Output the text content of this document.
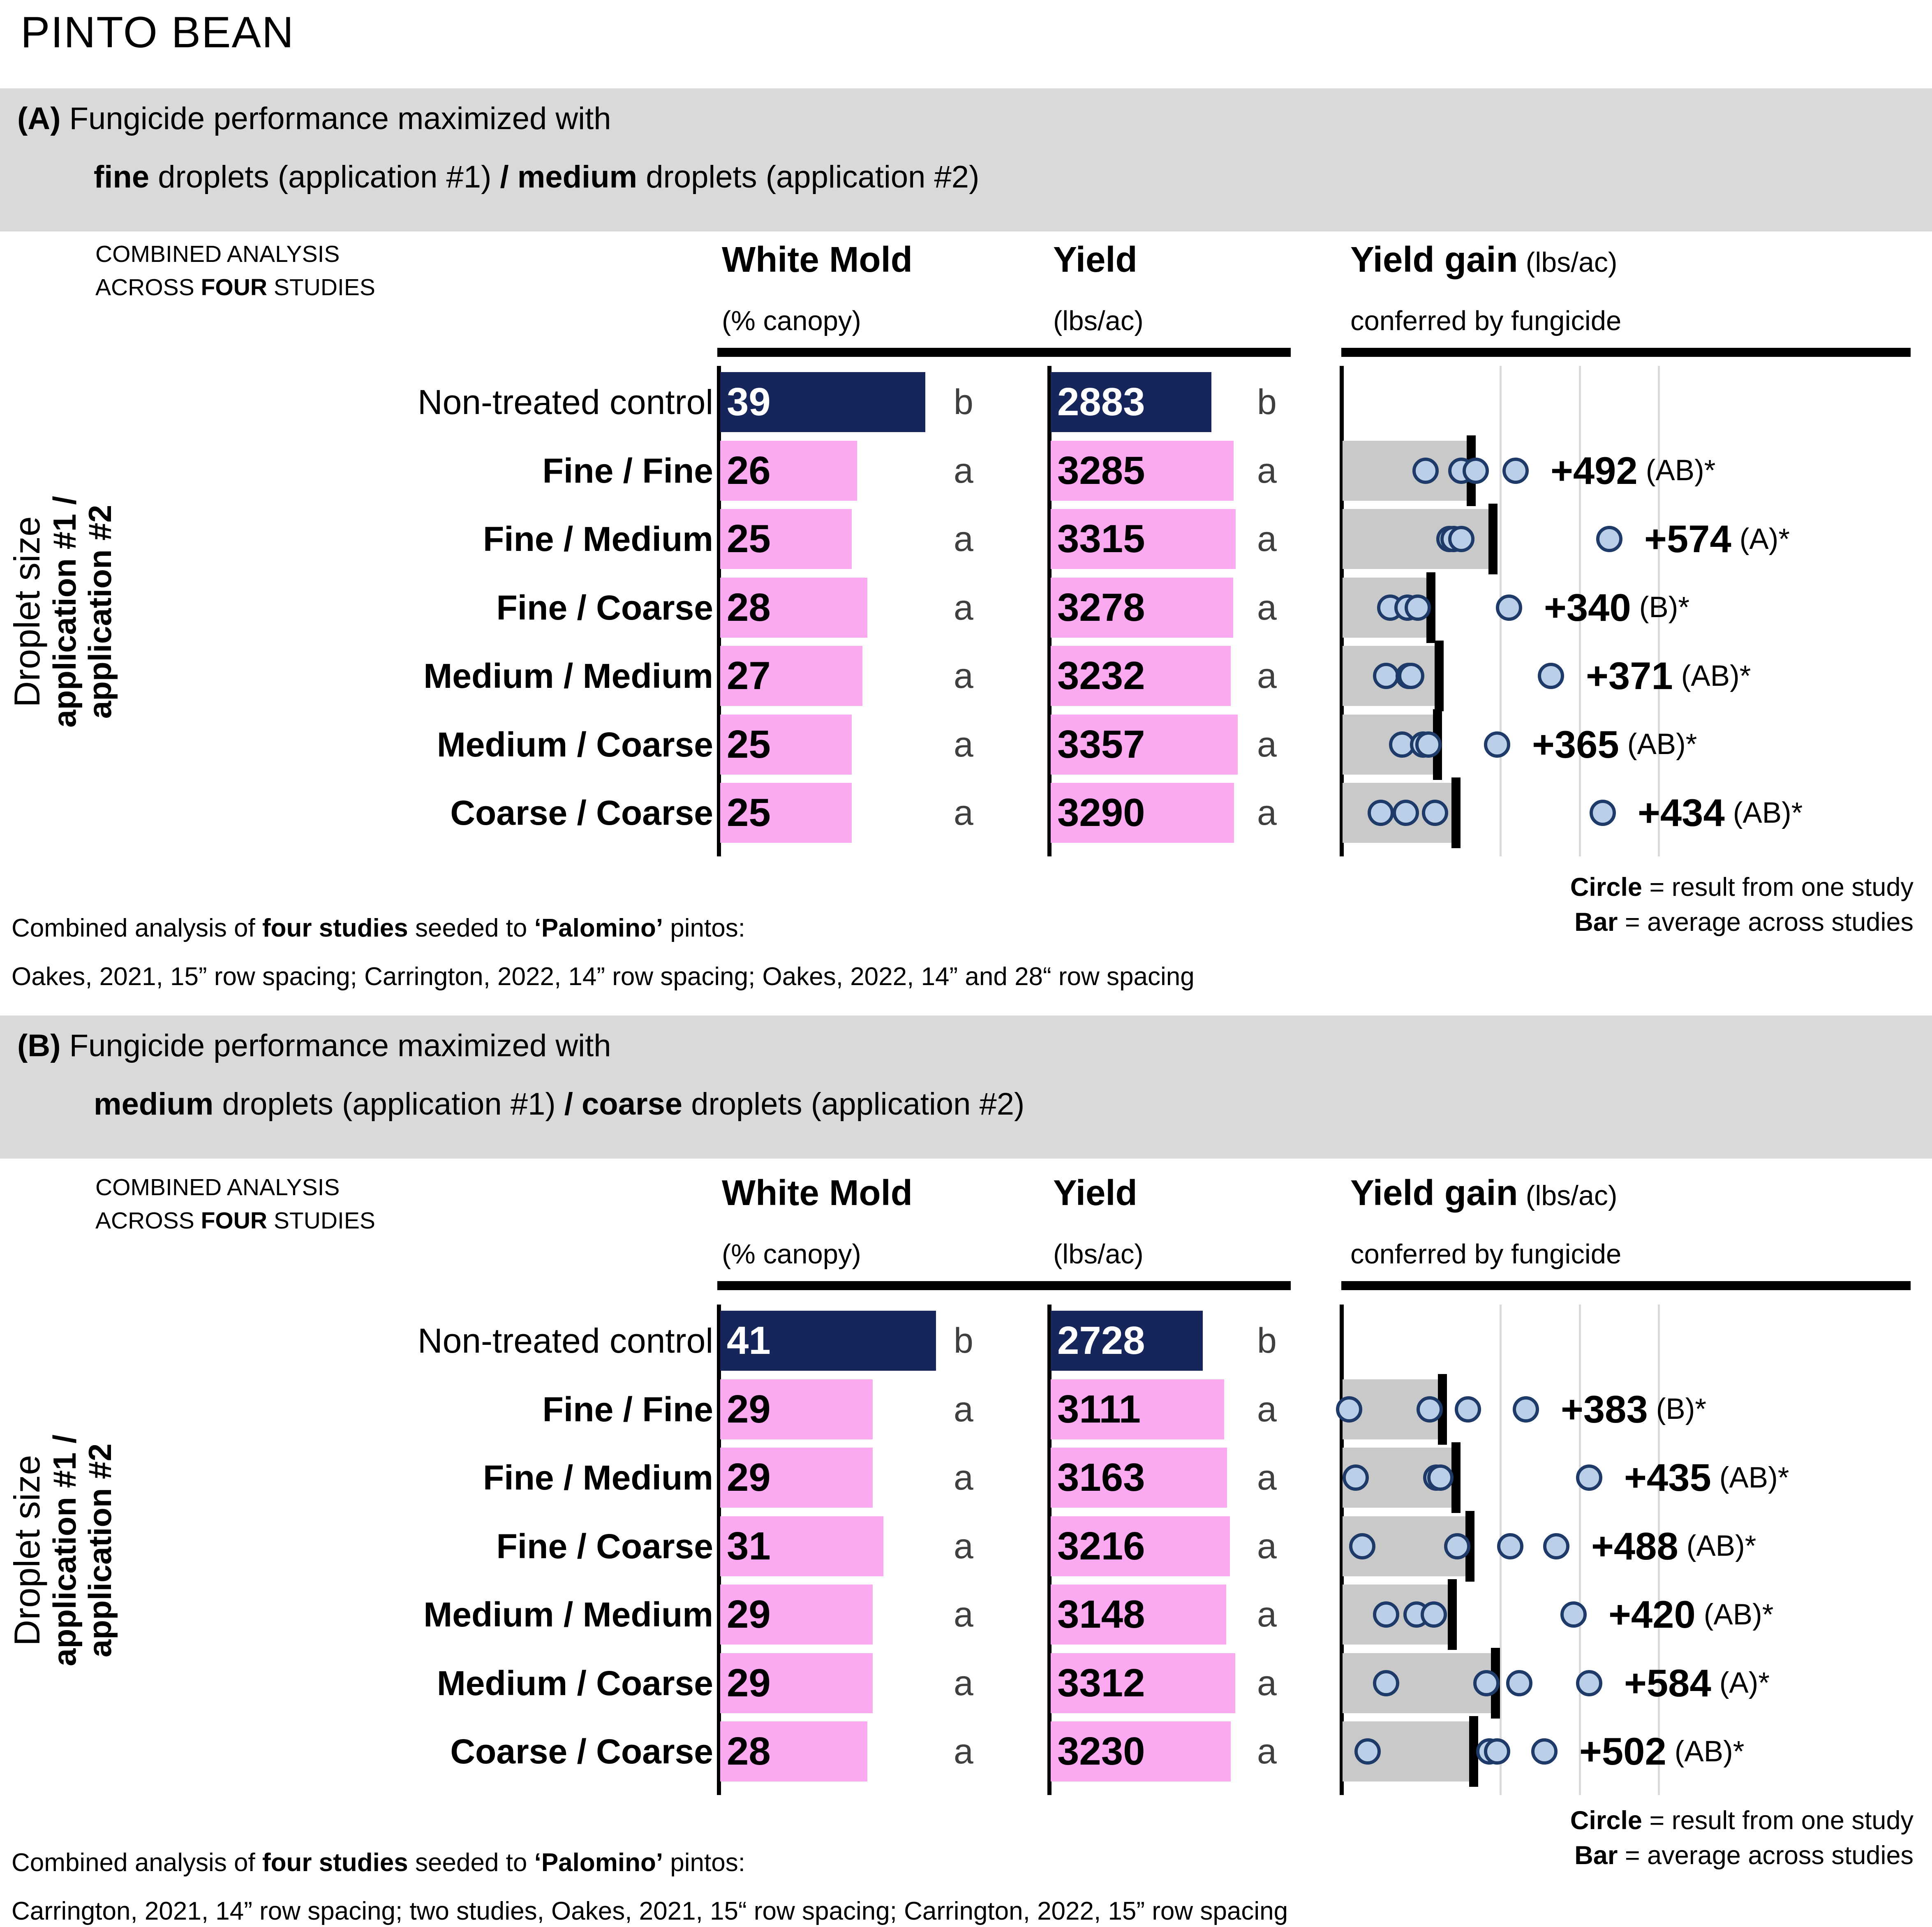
PINTO BEAN
(A) Fungicide performance maximized with
fine droplets (application #1) / medium droplets (application #2)
COMBINED ANALYSIS
ACROSS FOUR STUDIES
White Mold
(% canopy)
Yield
(lbs/ac)
Yield gain (lbs/ac)
conferred by fungicide
Droplet size
application #1 /
application #2
Non-treated control 39	b 2883	b
Fine / Fine 26	a 3285	a	+492 (AB)*
Fine / Medium 25	a 3315	a	+574 (A)*
Fine / Coarse 28	a 3278	a	+340 (B)*
Medium / Medium 27	a 3232	a	+371 (AB)*
Medium / Coarse 25	a 3357	a	+365 (AB)*
Coarse / Coarse 25	a 3290	a	+434 (AB)*
Circle = result from one study
Bar = average across studies
Combined analysis of four studies seeded to ‘Palomino’ pintos:
Oakes, 2021, 15” row spacing; Carrington, 2022, 14” row spacing; Oakes, 2022, 14” and 28“ row spacing
(B) Fungicide performance maximized with
medium droplets (application #1) / coarse droplets (application #2)
COMBINED ANALYSIS
ACROSS FOUR STUDIES
White Mold
(% canopy)
Yield
(lbs/ac)
Yield gain (lbs/ac)
conferred by fungicide
Droplet size
application #1 /
application #2
Non-treated control 41	b 2728	b
Fine / Fine 29	a 3111	a	+383 (B)*
Fine / Medium 29	a 3163	a	+435 (AB)*
Fine / Coarse 31	a 3216	a	+488 (AB)*
Medium / Medium 29	a 3148	a	+420 (AB)*
Medium / Coarse 29	a 3312	a	+584 (A)*
Coarse / Coarse 28	a 3230	a	+502 (AB)*
Circle = result from one study
Bar = average across studies
Combined analysis of four studies seeded to ‘Palomino’ pintos:
Carrington, 2021, 14” row spacing; two studies, Oakes, 2021, 15“ row spacing; Carrington, 2022, 15” row spacing
